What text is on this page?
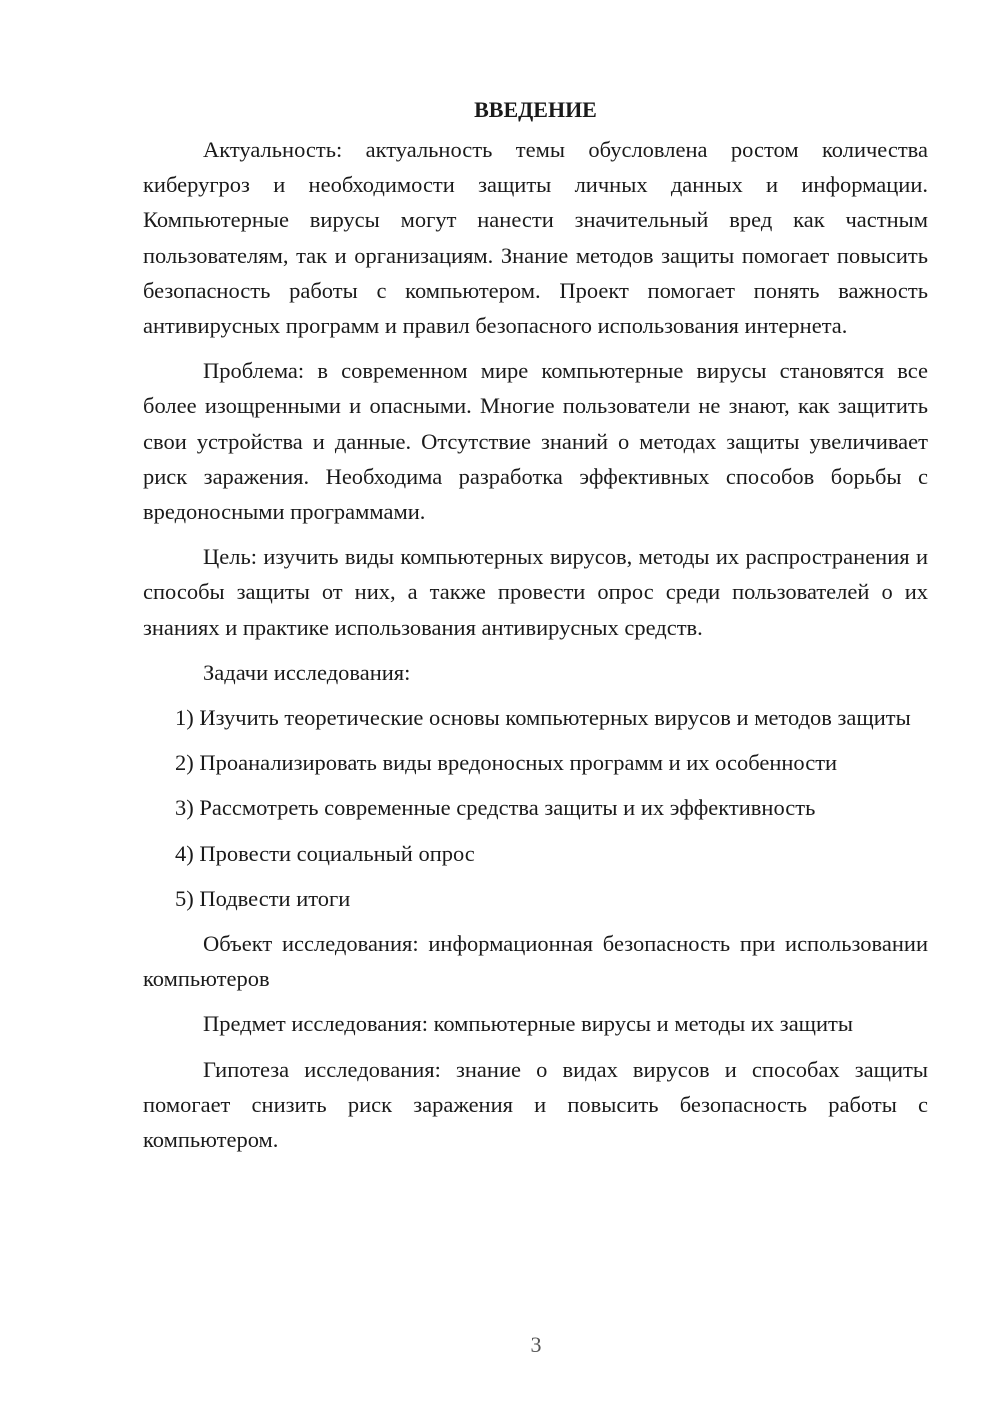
ВВЕДЕНИЕ

Актуальность: актуальность темы обусловлена ростом количества киберугроз и необходимости защиты личных данных и информации. Компьютерные вирусы могут нанести значительный вред как частным пользователям, так и организациям. Знание методов защиты помогает повысить безопасность работы с компьютером. Проект помогает понять важность антивирусных программ и правил безопасного использования интернета.

Проблема: в современном мире компьютерные вирусы становятся все более изощренными и опасными. Многие пользователи не знают, как защитить свои устройства и данные. Отсутствие знаний о методах защиты увеличивает риск заражения. Необходима разработка эффективных способов борьбы с вредоносными программами.

Цель: изучить виды компьютерных вирусов, методы их распространения и способы защиты от них, а также провести опрос среди пользователей о их знаниях и практике использования антивирусных средств.

Задачи исследования:

1) Изучить теоретические основы компьютерных вирусов и методов защиты

2) Проанализировать виды вредоносных программ и их особенности

3) Рассмотреть современные средства защиты и их эффективность

4) Провести социальный опрос

5) Подвести итоги

Объект исследования: информационная безопасность при использовании компьютеров

Предмет исследования: компьютерные вирусы и методы их защиты

Гипотеза исследования: знание о видах вирусов и способах защиты помогает снизить риск заражения и повысить безопасность работы с компьютером.

3
